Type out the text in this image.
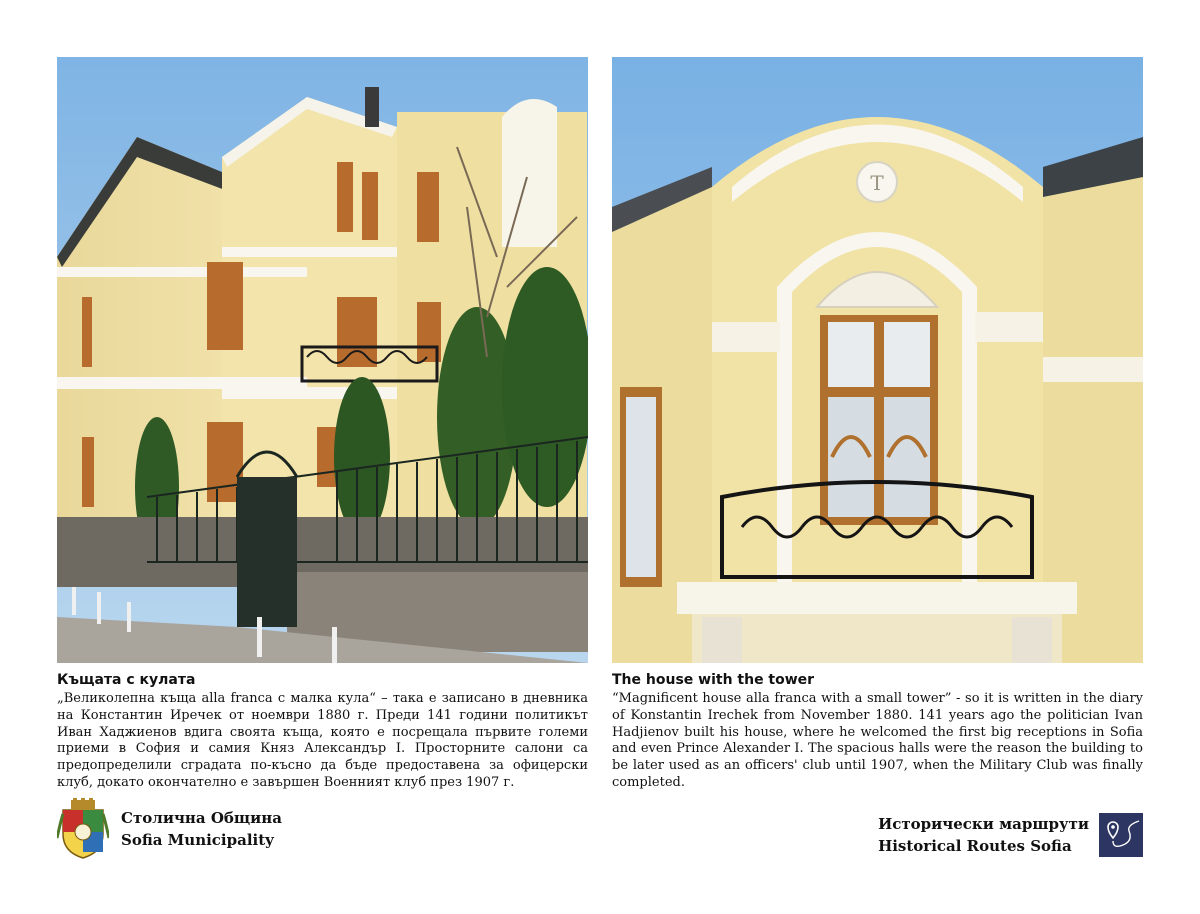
Т

Къщата с кулата

„Великолепна къща alla franca с малка кула“ – така е записано в дневника на Константин Иречек от ноември 1880 г. Преди 141 години политикът Иван Хаджиенов вдига своята къща, която е посрещала първите големи приеми в София и самия Княз Александър I. Просторните салони са предопределили сградата по-късно да бъде предоставена за офицерски клуб, докато окончателно е завършен Военният клуб през 1907 г.

The house with the tower

“Magnificent house alla franca with a small tower” - so it is written in the diary of Konstantin Irechek from November 1880. 141 years ago the politician Ivan Hadjienov built his house, where he welcomed the first big receptions in Sofia and even Prince Alexander I. The spacious halls were the reason the building to be later used as an officers' club until 1907, when the Military Club was finally completed.

Столична Община
Sofia Municipality
Исторически маршрути
Historical Routes Sofia
